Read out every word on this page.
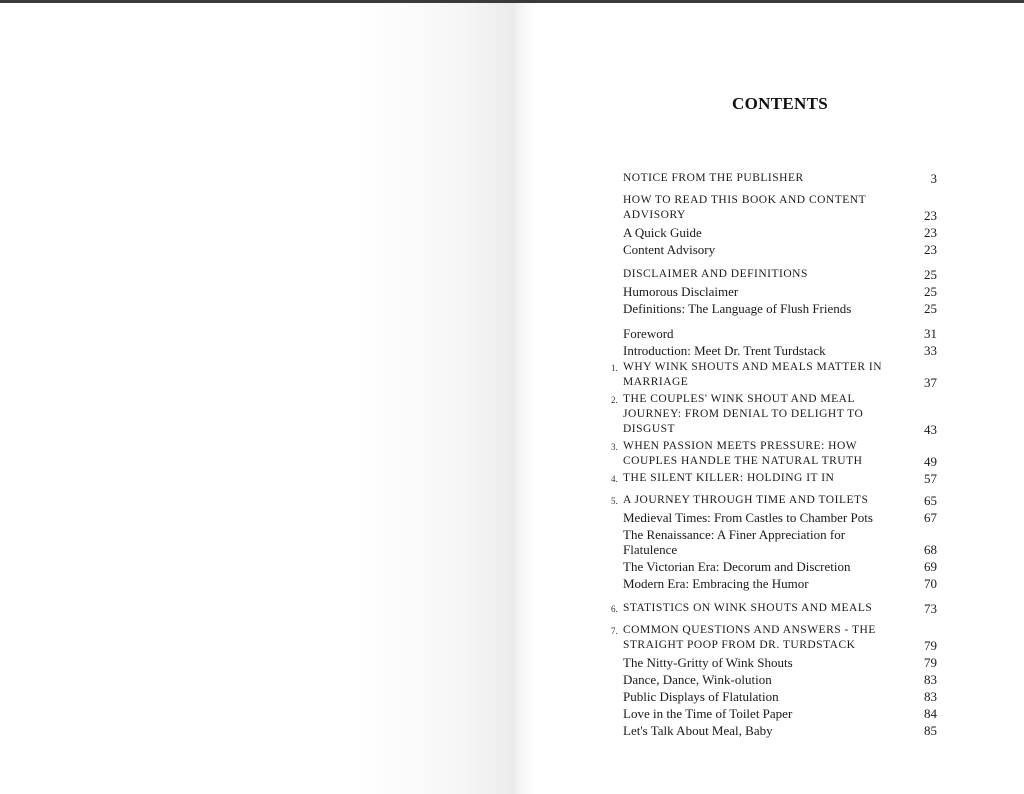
CONTENTS
NOTICE FROM THE PUBLISHER	3
HOW TO READ THIS BOOK AND CONTENT ADVISORY	23
A Quick Guide	23
Content Advisory	23
DISCLAIMER AND DEFINITIONS	25
Humorous Disclaimer	25
Definitions: The Language of Flush Friends	25
Foreword	31
Introduction: Meet Dr. Trent Turdstack	33
1. WHY WINK SHOUTS AND MEALS MATTER IN MARRIAGE	37
2. THE COUPLES' WINK SHOUT AND MEAL JOURNEY: FROM DENIAL TO DELIGHT TO DISGUST	43
3. WHEN PASSION MEETS PRESSURE: HOW COUPLES HANDLE THE NATURAL TRUTH	49
4. THE SILENT KILLER: HOLDING IT IN	57
5. A JOURNEY THROUGH TIME AND TOILETS	65
Medieval Times: From Castles to Chamber Pots	67
The Renaissance: A Finer Appreciation for Flatulence	68
The Victorian Era: Decorum and Discretion	69
Modern Era: Embracing the Humor	70
6. STATISTICS ON WINK SHOUTS AND MEALS	73
7. COMMON QUESTIONS AND ANSWERS - THE STRAIGHT POOP FROM DR. TURDSTACK	79
The Nitty-Gritty of Wink Shouts	79
Dance, Dance, Wink-olution	83
Public Displays of Flatulation	83
Love in the Time of Toilet Paper	84
Let's Talk About Meal, Baby	85
